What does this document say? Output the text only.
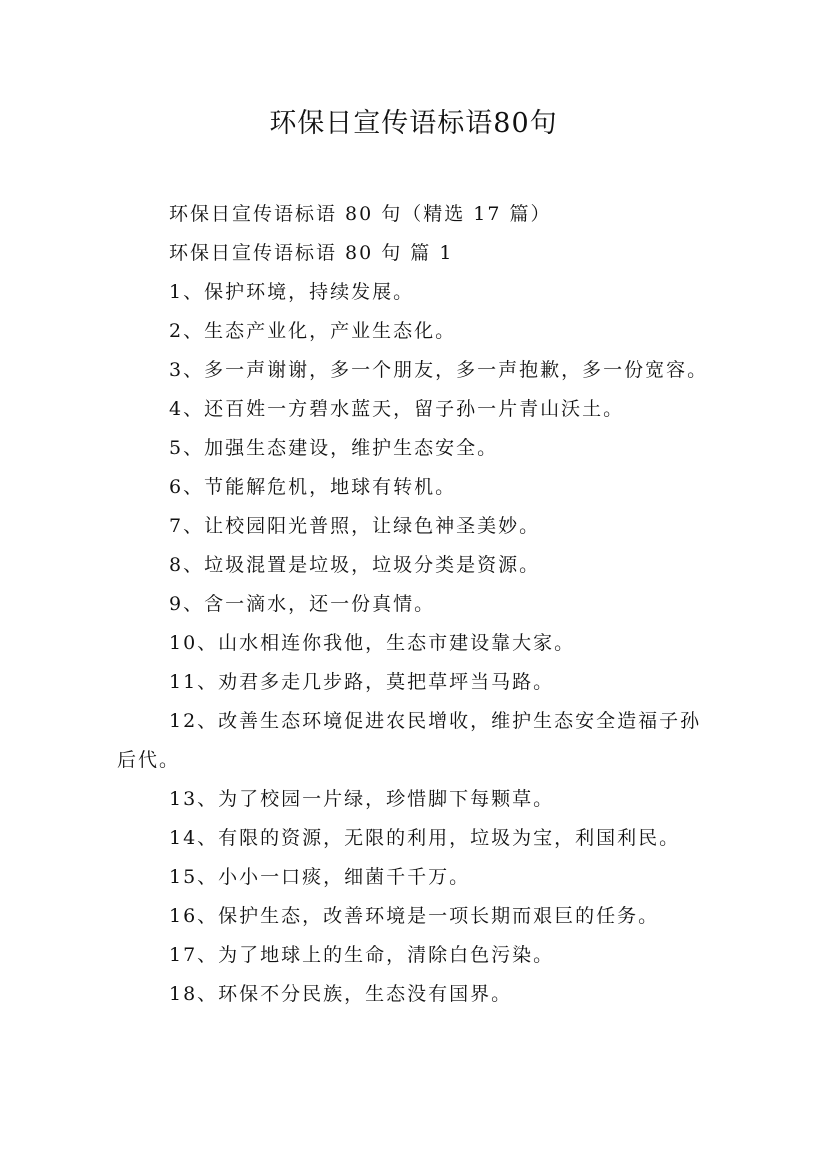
环保日宣传语标语80句

环保日宣传语标语 80 句（精选 17 篇）

环保日宣传语标语 80 句 篇 1

1、保护环境，持续发展。

2、生态产业化，产业生态化。

3、多一声谢谢，多一个朋友，多一声抱歉，多一份宽容。

4、还百姓一方碧水蓝天，留子孙一片青山沃土。

5、加强生态建设，维护生态安全。

6、节能解危机，地球有转机。

7、让校园阳光普照，让绿色神圣美妙。

8、垃圾混置是垃圾，垃圾分类是资源。

9、含一滴水，还一份真情。

10、山水相连你我他，生态市建设靠大家。

11、劝君多走几步路，莫把草坪当马路。

12、改善生态环境促进农民增收，维护生态安全造福子孙后代。

13、为了校园一片绿，珍惜脚下每颗草。

14、有限的资源，无限的利用，垃圾为宝，利国利民。

15、小小一口痰，细菌千千万。

16、保护生态，改善环境是一项长期而艰巨的任务。

17、为了地球上的生命，清除白色污染。

18、环保不分民族，生态没有国界。
